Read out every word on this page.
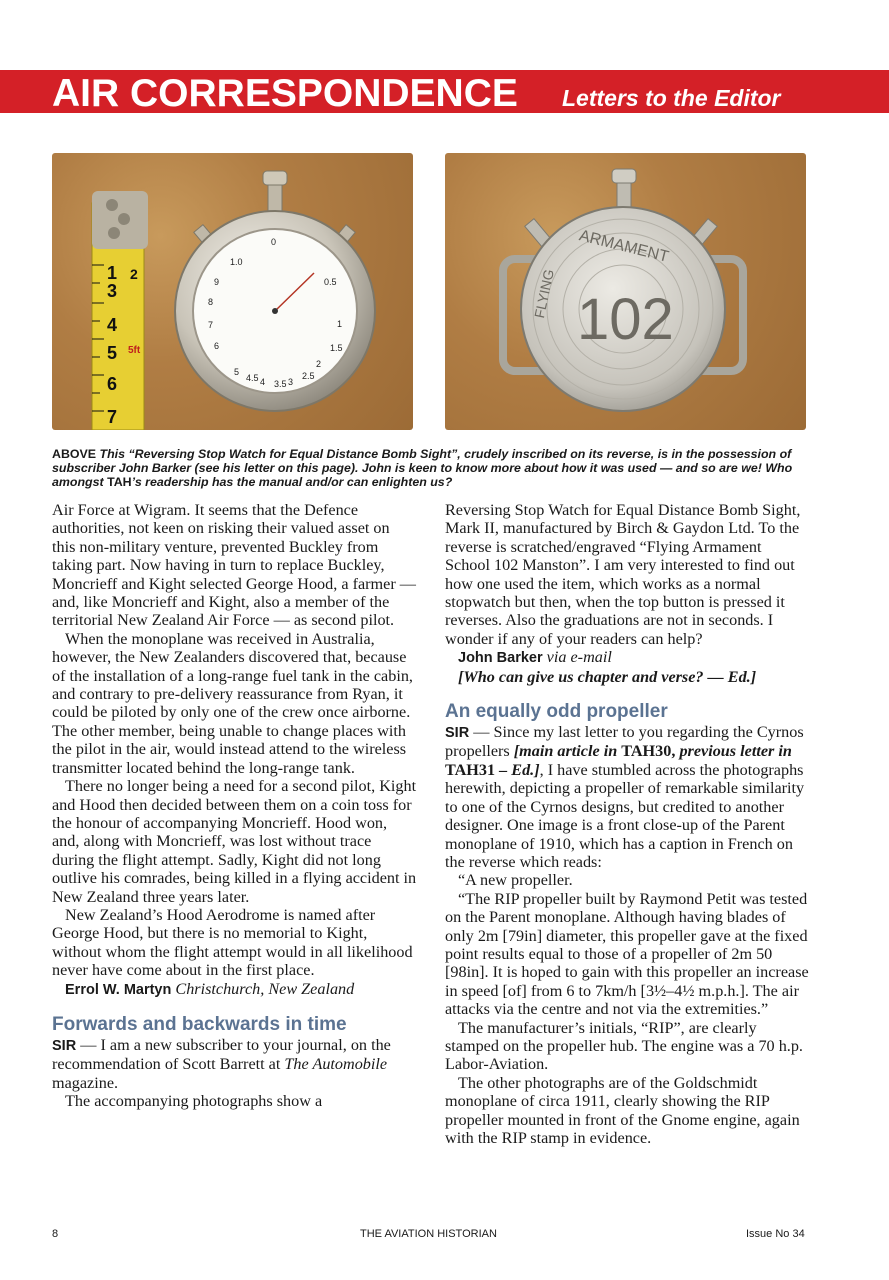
AIR CORRESPONDENCE Letters to the Editor
1
3
4
5
6
7
2
5ft
0
1
1.5
2
2.5
3
3.5
4
4.5
5
6
7
8
9
1.0
0.5
ARMAMENT
102
FLYING
ABOVE This “Reversing Stop Watch for Equal Distance Bomb Sight”, crudely inscribed on its reverse, is in the possession of subscriber John Barker (see his letter on this page). John is keen to know more about how it was used — and so are we! Who amongst TAH’s readership has the manual and/or can enlighten us?

Air Force at Wigram. It seems that the Defence authorities, not keen on risking their valued asset on this non-military venture, prevented Buckley from taking part. Now having in turn to replace Buckley, Moncrieff and Kight selected George Hood, a farmer — and, like Moncrieff and Kight, also a member of the territorial New Zealand Air Force — as second pilot.

When the monoplane was received in Australia, however, the New Zealanders discovered that, because of the installation of a long-range fuel tank in the cabin, and contrary to pre-delivery reassurance from Ryan, it could be piloted by only one of the crew once airborne. The other member, being unable to change places with the pilot in the air, would instead attend to the wireless transmitter located behind the long-range tank.

There no longer being a need for a second pilot, Kight and Hood then decided between them on a coin toss for the honour of accompanying Moncrieff. Hood won, and, along with Moncrieff, was lost without trace during the flight attempt. Sadly, Kight did not long outlive his comrades, being killed in a flying accident in New Zealand three years later.

New Zealand’s Hood Aerodrome is named after George Hood, but there is no memorial to Kight, without whom the flight attempt would in all likelihood never have come about in the first place.

Errol W. Martyn Christchurch, New Zealand

Forwards and backwards in time

SIR — I am a new subscriber to your journal, on the recommendation of Scott Barrett at The Automobile magazine.

The accompanying photographs show a

Reversing Stop Watch for Equal Distance Bomb Sight, Mark II, manufactured by Birch & Gaydon Ltd. To the reverse is scratched/engraved “Flying Armament School 102 Manston”. I am very interested to find out how one used the item, which works as a normal stopwatch but then, when the top button is pressed it reverses. Also the graduations are not in seconds. I wonder if any of your readers can help?

John Barker via e-mail

[Who can give us chapter and verse? — Ed.]

An equally odd propeller

SIR — Since my last letter to you regarding the Cyrnos propellers [main article in TAH30, previous letter in TAH31 – Ed.], I have stumbled across the photographs herewith, depicting a propeller of remarkable similarity to one of the Cyrnos designs, but credited to another designer. One image is a front close-up of the Parent monoplane of 1910, which has a caption in French on the reverse which reads:

“A new propeller.

“The RIP propeller built by Raymond Petit was tested on the Parent monoplane. Although having blades of only 2m [79in] diameter, this propeller gave at the fixed point results equal to those of a propeller of 2m 50 [98in]. It is hoped to gain with this propeller an increase in speed [of] from 6 to 7km/h [3½–4½ m.p.h.]. The air attacks via the centre and not via the extremities.”

The manufacturer’s initials, “RIP”, are clearly stamped on the propeller hub. The engine was a 70 h.p. Labor-Aviation.

The other photographs are of the Goldschmidt monoplane of circa 1911, clearly showing the RIP propeller mounted in front of the Gnome engine, again with the RIP stamp in evidence.

8	THE AVIATION HISTORIAN	Issue No 34
